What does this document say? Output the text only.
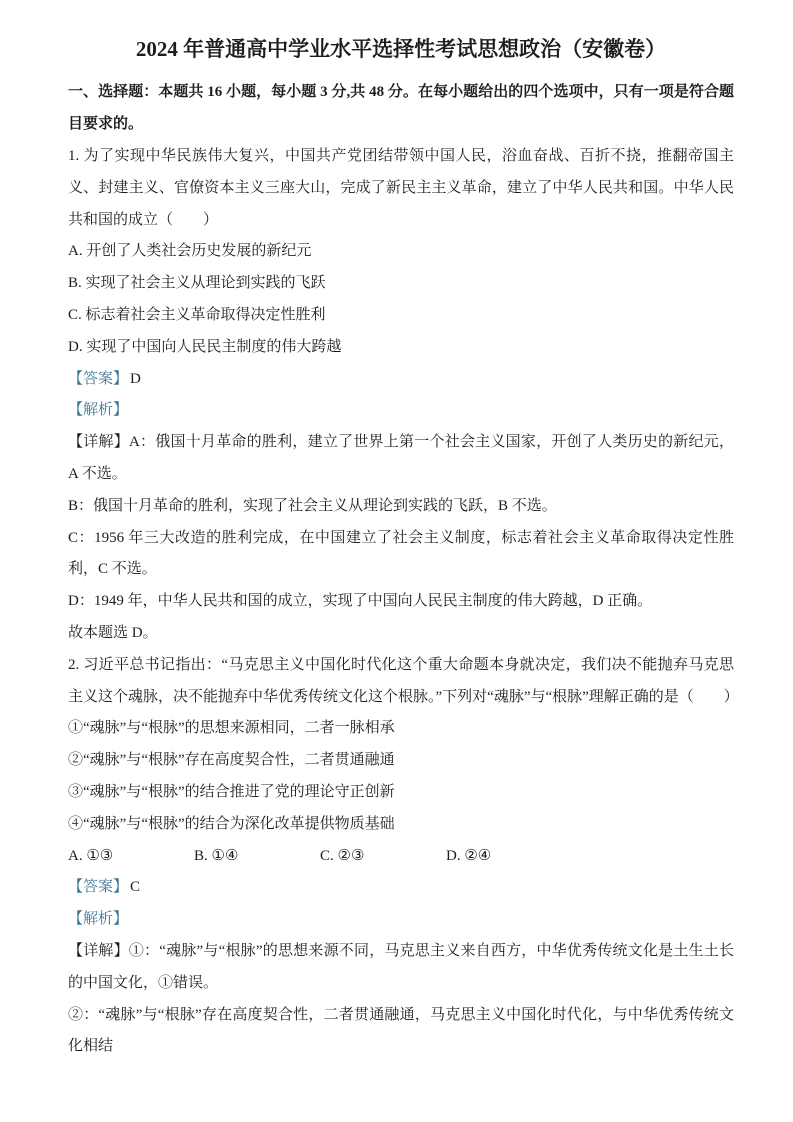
2024 年普通高中学业水平选择性考试思想政治（安徽卷）

一、选择题：本题共 16 小题，每小题 3 分,共 48 分。在每小题给出的四个选项中，只有一项是符合题目要求的。

1. 为了实现中华民族伟大复兴，中国共产党团结带领中国人民，浴血奋战、百折不挠，推翻帝国主义、封建主义、官僚资本主义三座大山，完成了新民主主义革命，建立了中华人民共和国。中华人民共和国的成立（　　）

A. 开创了人类社会历史发展的新纪元

B. 实现了社会主义从理论到实践的飞跃

C. 标志着社会主义革命取得决定性胜利

D. 实现了中国向人民民主制度的伟大跨越

【答案】 D

【解析】

【详解】A：俄国十月革命的胜利，建立了世界上第一个社会主义国家，开创了人类历史的新纪元，A 不选。

B：俄国十月革命的胜利，实现了社会主义从理论到实践的飞跃，B 不选。

C：1956 年三大改造的胜利完成，在中国建立了社会主义制度，标志着社会主义革命取得决定性胜利，C 不选。

D：1949 年，中华人民共和国的成立，实现了中国向人民民主制度的伟大跨越，D 正确。

故本题选 D。

2. 习近平总书记指出：“马克思主义中国化时代化这个重大命题本身就决定，我们决不能抛弃马克思主义这个魂脉，决不能抛弃中华优秀传统文化这个根脉。”下列对“魂脉”与“根脉”理解正确的是（　　）

①“魂脉”与“根脉”的思想来源相同，二者一脉相承

②“魂脉”与“根脉”存在高度契合性，二者贯通融通

③“魂脉”与“根脉”的结合推进了党的理论守正创新

④“魂脉”与“根脉”的结合为深化改革提供物质基础

A. ①③	B. ①④	C. ②③	D. ②④

【答案】 C

【解析】

【详解】①：“魂脉”与“根脉”的思想来源不同，马克思主义来自西方，中华优秀传统文化是土生土长的中国文化，①错误。

②：“魂脉”与“根脉”存在高度契合性，二者贯通融通，马克思主义中国化时代化，与中华优秀传统文化相结
